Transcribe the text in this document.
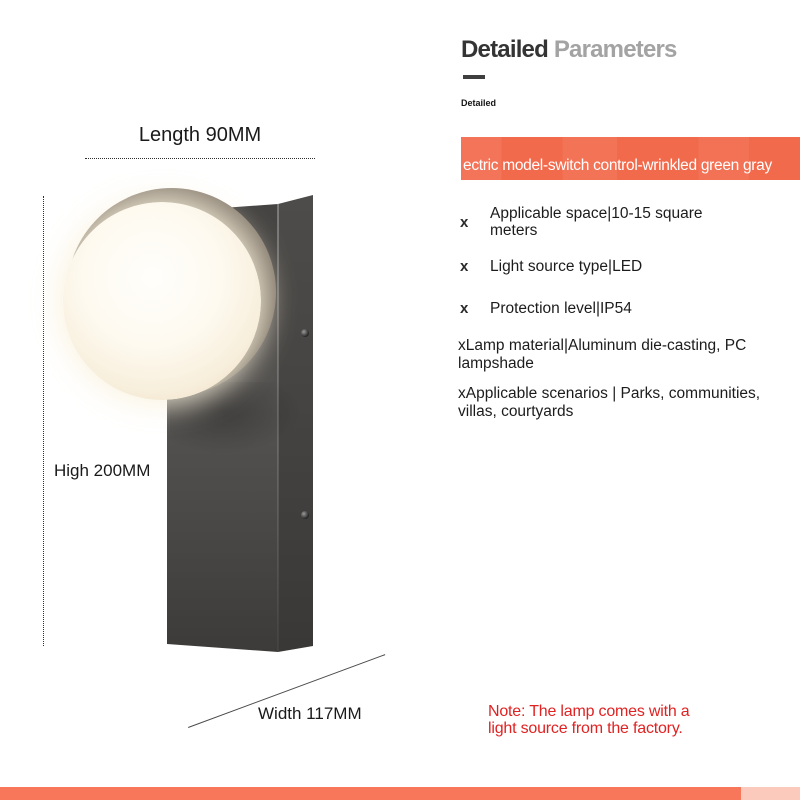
Length 90MM
High 200MM
Width 117MM
Detailed Parameters
Detailed
ectric model-switch control-wrinkled green gray
x
Applicable space|10-15 square
meters
x	Light source type|LED
x	Protection level|IP54
xLamp material|Aluminum die-casting, PC
lampshade
xApplicable scenarios | Parks, communities,
villas, courtyards
Note: The lamp comes with a
light source from the factory.
